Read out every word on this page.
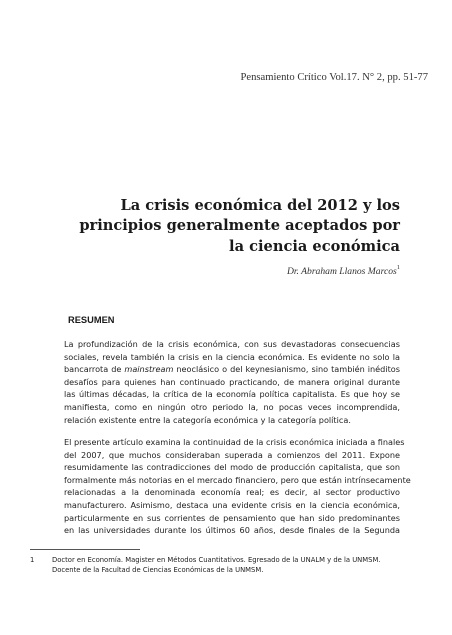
Pensamiento Crítico Vol.17. N° 2, pp. 51-77
La crisis económica del 2012 y los
principios generalmente aceptados por
la ciencia económica
Dr. Abraham Llanos Marcos$^1$
RESUMEN
La profundización de la crisis económica, con sus devastadoras consecuencias
sociales, revela también la crisis en la ciencia económica. Es evidente no solo la
bancarrota de mainstream neoclásico o del keynesianismo, sino también inéditos
desafíos para quienes han continuado practicando, de manera original durante
las últimas décadas, la crítica de la economía política capitalista. Es que hoy se
manifiesta, como en ningún otro periodo la, no pocas veces incomprendida,
relación existente entre la categoría económica y la categoría política.
El presente artículo examina la continuidad de la crisis económica iniciada a finales
del 2007, que muchos consideraban superada a comienzos del 2011. Expone
resumidamente las contradicciones del modo de producción capitalista, que son
formalmente más notorias en el mercado financiero, pero que están intrínsecamente
relacionadas a la denominada economía real; es decir, al sector productivo
manufacturero. Asimismo, destaca una evidente crisis en la ciencia económica,
particularmente en sus corrientes de pensamiento que han sido predominantes
en las universidades durante los últimos 60 años, desde finales de la Segunda
1	Doctor en Economía. Magister en Métodos Cuantitativos. Egresado de la UNALM y de la UNMSM.
Docente de la Facultad de Ciencias Económicas de la UNMSM.
